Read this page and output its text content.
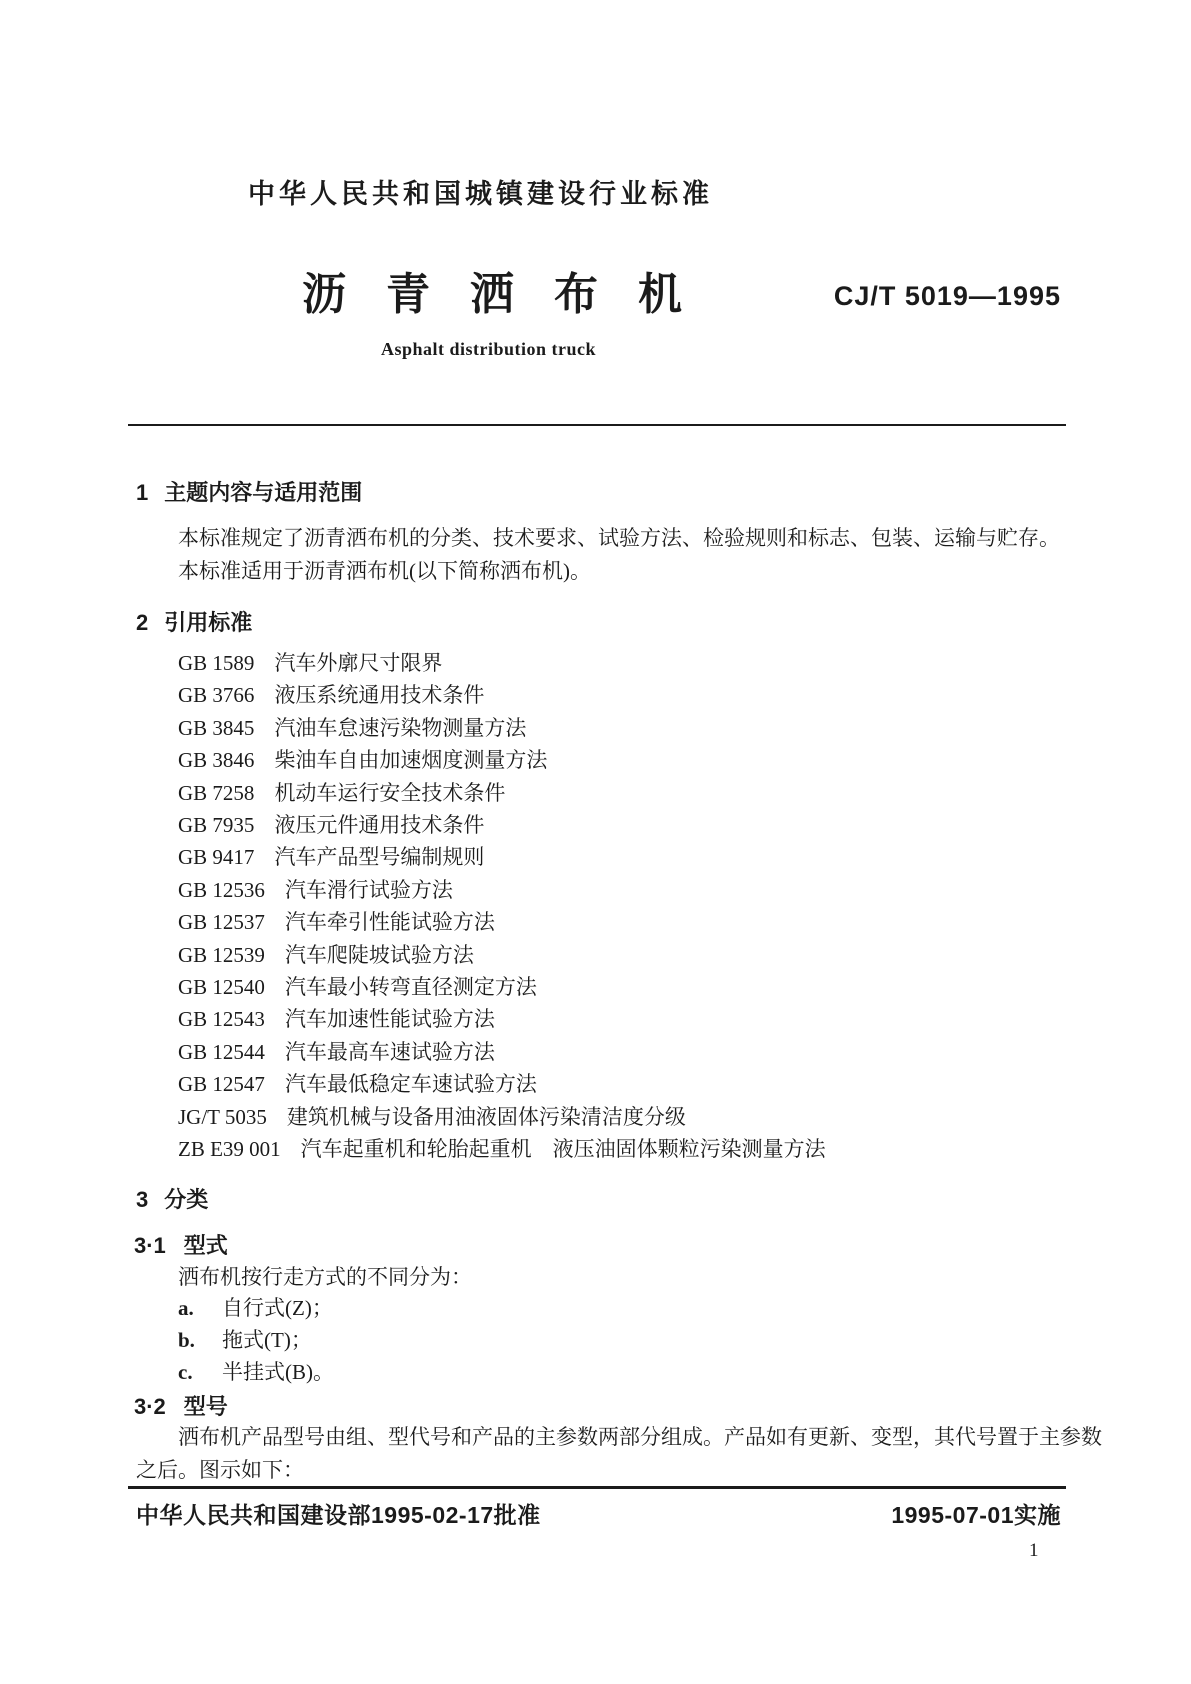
中华人民共和国城镇建设行业标准
沥青洒布机	CJ/T 5019—1995
Asphalt distribution truck
1 主题内容与适用范围

本标准规定了沥青洒布机的分类、技术要求、试验方法、检验规则和标志、包装、运输与贮存。

本标准适用于沥青洒布机(以下简称洒布机)。

2 引用标准
GB 1589 汽车外廓尺寸限界
GB 3766 液压系统通用技术条件
GB 3845 汽油车怠速污染物测量方法
GB 3846 柴油车自由加速烟度测量方法
GB 7258 机动车运行安全技术条件
GB 7935 液压元件通用技术条件
GB 9417 汽车产品型号编制规则
GB 12536 汽车滑行试验方法
GB 12537 汽车牵引性能试验方法
GB 12539 汽车爬陡坡试验方法
GB 12540 汽车最小转弯直径测定方法
GB 12543 汽车加速性能试验方法
GB 12544 汽车最高车速试验方法
GB 12547 汽车最低稳定车速试验方法
JG/T 5035 建筑机械与设备用油液固体污染清洁度分级
ZB E39 001 汽车起重机和轮胎起重机　液压油固体颗粒污染测量方法
3 分类
3·1 型式

洒布机按行走方式的不同分为：

a. 自行式(Z)；
b. 拖式(T)；
c. 半挂式(B)。
3·2 型号

洒布机产品型号由组、型代号和产品的主参数两部分组成。产品如有更新、变型，其代号置于主参数

之后。图示如下：

中华人民共和国建设部1995-02-17批准	1995-07-01实施
1
